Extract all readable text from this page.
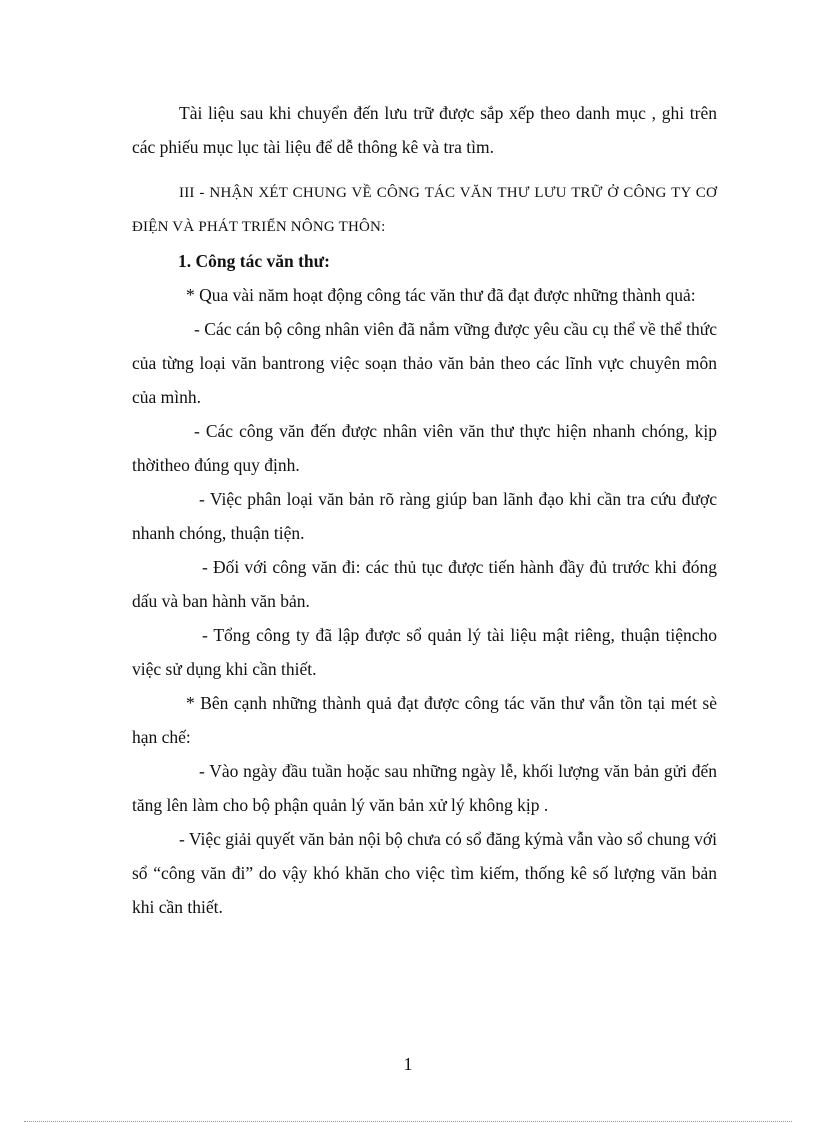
Tài liệu sau khi chuyển đến lưu trữ được sắp xếp theo danh mục , ghi trên các phiếu mục lục tài liệu để dễ thông kê và tra tìm.

III - NHẬN XÉT CHUNG VỀ CÔNG TÁC VĂN THƯ LƯU TRỮ Ở CÔNG TY CƠ ĐIỆN VÀ PHÁT TRIỂN NÔNG THÔN:

1. Công tác văn thư:

* Qua vài năm hoạt động công tác văn thư đã đạt được những thành quả:

- Các cán bộ công nhân viên đã nắm vững được yêu cầu cụ thể về thể thức của từng loại văn bantrong việc soạn thảo văn bản theo các lĩnh vực chuyên môn của mình.

- Các công văn đến được nhân viên văn thư thực hiện nhanh chóng, kịp thờitheo đúng quy định.

- Việc phân loại văn bản rõ ràng giúp ban lãnh đạo khi cần tra cứu được nhanh chóng, thuận tiện.

- Đối với công văn đi: các thủ tục được tiến hành đầy đủ trước khi đóng dấu và ban hành văn bản.

- Tổng công ty đã lập được sổ quản lý tài liệu mật riêng, thuận tiệncho việc sử dụng khi cần thiết.

* Bên cạnh những thành quả đạt được công tác văn thư vẫn tồn tại mét sè hạn chế:

- Vào ngày đầu tuần hoặc sau những ngày lễ, khối lượng văn bản gửi đến tăng lên làm cho bộ phận quản lý văn bản xử lý không kịp .

- Việc giải quyết văn bản nội bộ chưa có sổ đăng kýmà vẫn vào sổ chung với sổ “công văn đi” do vậy khó khăn cho việc tìm kiếm, thống kê số lượng văn bản khi cần thiết.

1
